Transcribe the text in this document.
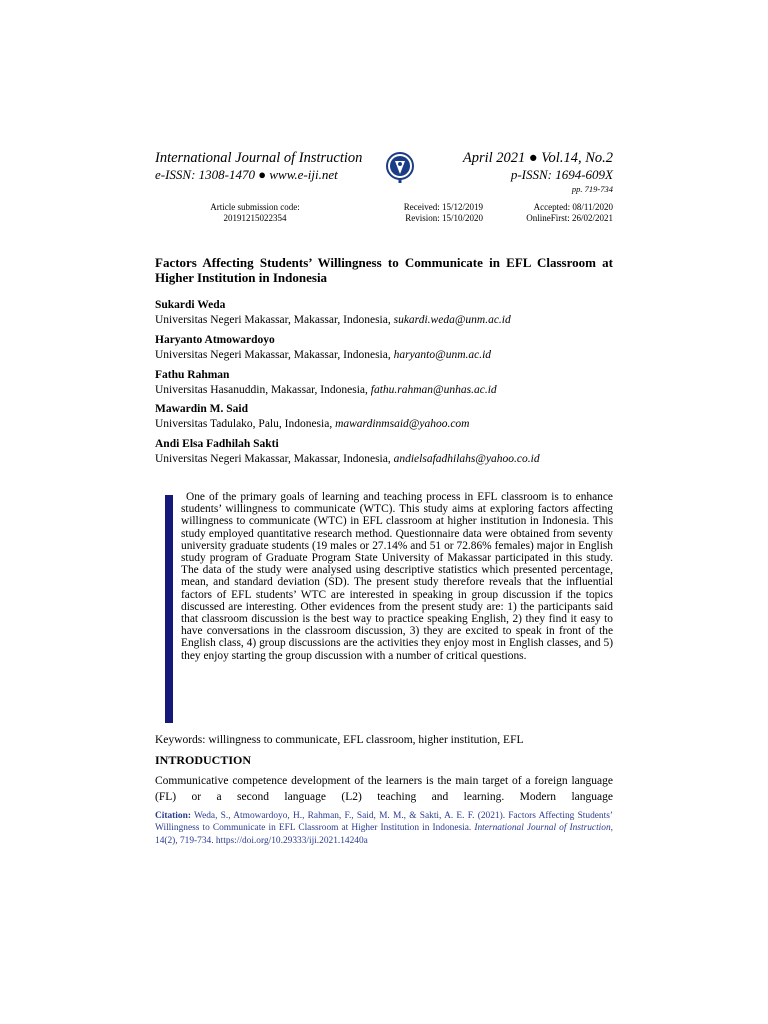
International Journal of Instruction
e-ISSN: 1308-1470 ● www.e-iji.net
April 2021 ● Vol.14, No.2
p-ISSN: 1694-609X
pp. 719-734
Article submission code:
20191215022354
Received: 15/12/2019
Revision: 15/10/2020
Accepted: 08/11/2020
OnlineFirst: 26/02/2021
Factors Affecting Students’ Willingness to Communicate in EFL Classroom at Higher Institution in Indonesia
Sukardi Weda
Universitas Negeri Makassar, Makassar, Indonesia, sukardi.weda@unm.ac.id
Haryanto Atmowardoyo
Universitas Negeri Makassar, Makassar, Indonesia, haryanto@unm.ac.id
Fathu Rahman
Universitas Hasanuddin, Makassar, Indonesia, fathu.rahman@unhas.ac.id
Mawardin M. Said
Universitas Tadulako, Palu, Indonesia, mawardinmsaid@yahoo.com
Andi Elsa Fadhilah Sakti
Universitas Negeri Makassar, Makassar, Indonesia, andielsafadhilahs@yahoo.co.id
One of the primary goals of learning and teaching process in EFL classroom is to enhance students’ willingness to communicate (WTC). This study aims at exploring factors affecting willingness to communicate (WTC) in EFL classroom at higher institution in Indonesia. This study employed quantitative research method. Questionnaire data were obtained from seventy university graduate students (19 males or 27.14% and 51 or 72.86% females) major in English study program of Graduate Program State University of Makassar participated in this study. The data of the study were analysed using descriptive statistics which presented percentage, mean, and standard deviation (SD). The present study therefore reveals that the influential factors of EFL students’ WTC are interested in speaking in group discussion if the topics discussed are interesting. Other evidences from the present study are: 1) the participants said that classroom discussion is the best way to practice speaking English, 2) they find it easy to have conversations in the classroom discussion, 3) they are excited to speak in front of the English class, 4) group discussions are the activities they enjoy most in English classes, and 5) they enjoy starting the group discussion with a number of critical questions.
Keywords: willingness to communicate, EFL classroom, higher institution, EFL
INTRODUCTION
Communicative competence development of the learners is the main target of a foreign language (FL) or a second language (L2) teaching and learning. Modern language
Citation: Weda, S., Atmowardoyo, H., Rahman, F., Said, M. M., & Sakti, A. E. F. (2021). Factors Affecting Students’ Willingness to Communicate in EFL Classroom at Higher Institution in Indonesia. International Journal of Instruction, 14(2), 719-734. https://doi.org/10.29333/iji.2021.14240a
